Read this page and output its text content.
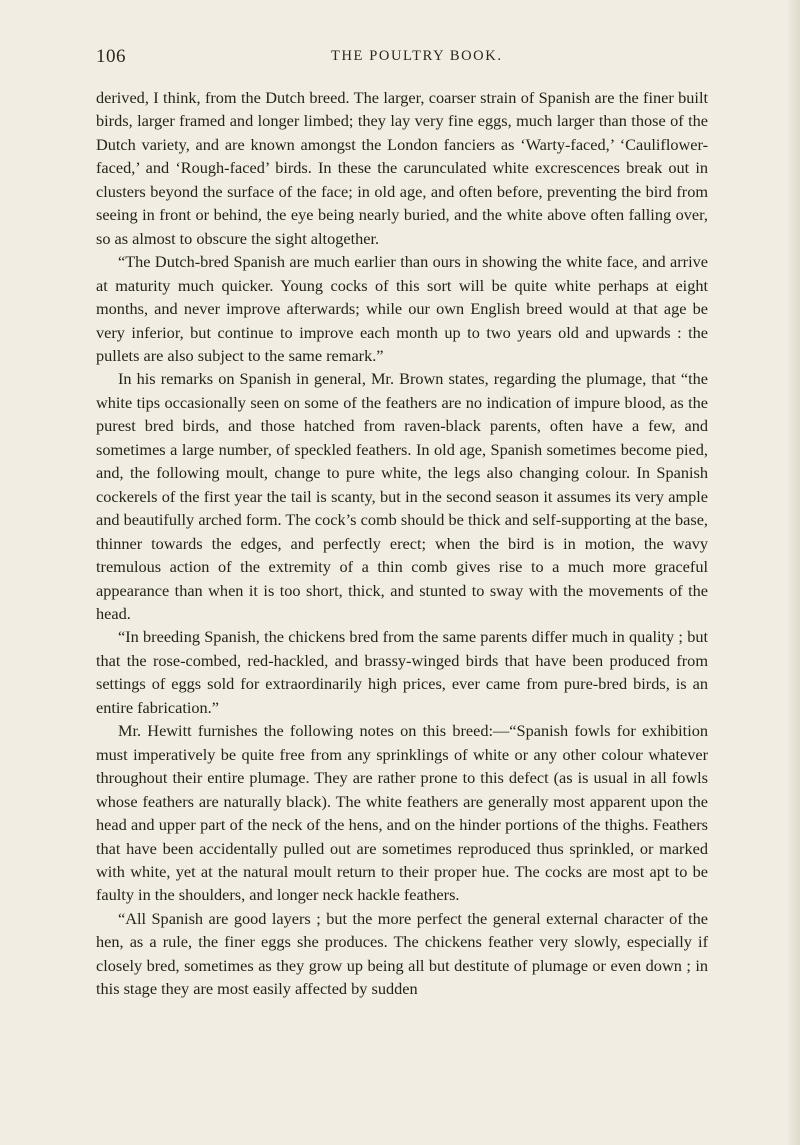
106	THE POULTRY BOOK.

derived, I think, from the Dutch breed. The larger, coarser strain of Spanish are the finer built birds, larger framed and longer limbed; they lay very fine eggs, much larger than those of the Dutch variety, and are known amongst the London fanciers as ‘Warty-faced,’ ‘Cauliflower-faced,’ and ‘Rough-faced’ birds. In these the carunculated white excrescences break out in clusters beyond the surface of the face; in old age, and often before, preventing the bird from seeing in front or behind, the eye being nearly buried, and the white above often falling over, so as almost to obscure the sight altogether.

“The Dutch-bred Spanish are much earlier than ours in showing the white face, and arrive at maturity much quicker. Young cocks of this sort will be quite white perhaps at eight months, and never improve afterwards; while our own English breed would at that age be very inferior, but continue to improve each month up to two years old and upwards : the pullets are also subject to the same remark.”

In his remarks on Spanish in general, Mr. Brown states, regarding the plumage, that “the white tips occasionally seen on some of the feathers are no indication of impure blood, as the purest bred birds, and those hatched from raven-black parents, often have a few, and sometimes a large number, of speckled feathers. In old age, Spanish sometimes become pied, and, the following moult, change to pure white, the legs also changing colour. In Spanish cockerels of the first year the tail is scanty, but in the second season it assumes its very ample and beautifully arched form. The cock’s comb should be thick and self-supporting at the base, thinner towards the edges, and perfectly erect; when the bird is in motion, the wavy tremulous action of the extremity of a thin comb gives rise to a much more graceful appearance than when it is too short, thick, and stunted to sway with the movements of the head.

“In breeding Spanish, the chickens bred from the same parents differ much in quality ; but that the rose-combed, red-hackled, and brassy-winged birds that have been produced from settings of eggs sold for extraordinarily high prices, ever came from pure-bred birds, is an entire fabrication.”

Mr. Hewitt furnishes the following notes on this breed:—“Spanish fowls for exhibition must imperatively be quite free from any sprinklings of white or any other colour whatever throughout their entire plumage. They are rather prone to this defect (as is usual in all fowls whose feathers are naturally black). The white feathers are generally most apparent upon the head and upper part of the neck of the hens, and on the hinder portions of the thighs. Feathers that have been accidentally pulled out are sometimes reproduced thus sprinkled, or marked with white, yet at the natural moult return to their proper hue. The cocks are most apt to be faulty in the shoulders, and longer neck hackle feathers.

“All Spanish are good layers ; but the more perfect the general external character of the hen, as a rule, the finer eggs she produces. The chickens feather very slowly, especially if closely bred, sometimes as they grow up being all but destitute of plumage or even down ; in this stage they are most easily affected by sudden
